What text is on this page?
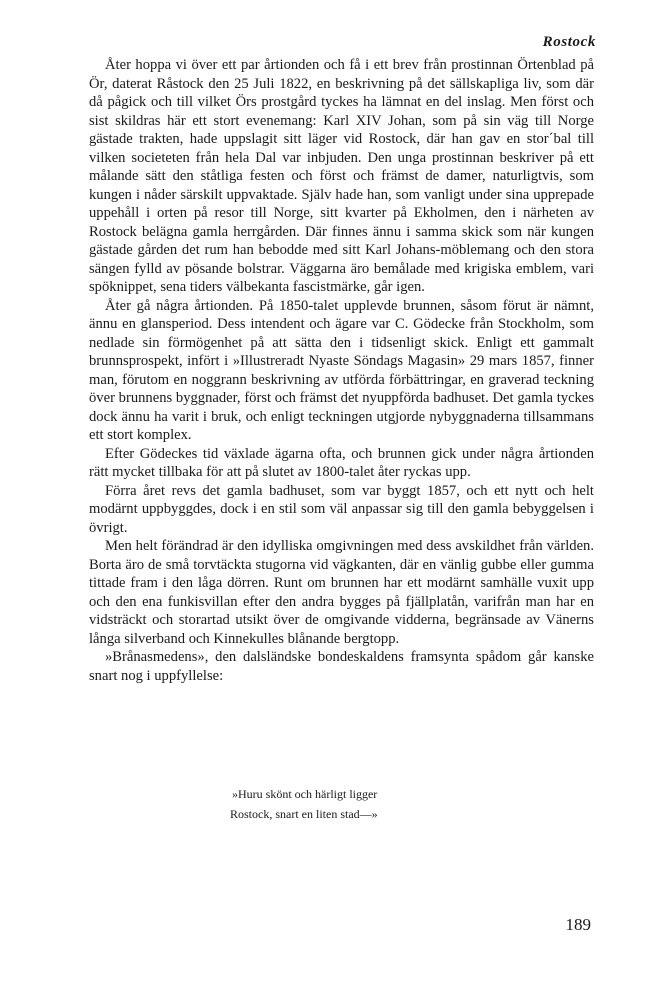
Rostock

Åter hoppa vi över ett par årtionden och få i ett brev från prostinnan Örtenblad på Ör, daterat Råstock den 25 Juli 1822, en beskrivning på det sällskapliga liv, som där då pågick och till vilket Örs prostgård tyckes ha lämnat en del inslag. Men först och sist skildras här ett stort evenemang: Karl XIV Johan, som på sin väg till Norge gästade trakten, hade uppslagit sitt läger vid Rostock, där han gav en stor´bal till vilken societeten från hela Dal var inbjuden. Den unga prostinnan beskriver på ett målande sätt den ståtliga festen och först och främst de damer, naturligtvis, som kungen i nåder särskilt uppvaktade. Själv hade han, som vanligt under sina upprepade uppehåll i orten på resor till Norge, sitt kvarter på Ekholmen, den i närheten av Rostock belägna gamla herrgården. Där finnes ännu i samma skick som när kungen gästade gården det rum han bebodde med sitt Karl Johans-möblemang och den stora sängen fylld av pösande bolstrar. Väggarna äro bemålade med krigiska emblem, vari spöknippet, sena tiders välbekanta fascistmärke, går igen.

Åter gå några årtionden. På 1850-talet upplevde brunnen, såsom förut är nämnt, ännu en glansperiod. Dess intendent och ägare var C. Gödecke från Stockholm, som nedlade sin förmögenhet på att sätta den i tidsenligt skick. Enligt ett gammalt brunnsprospekt, infört i »Illustreradt Nyaste Söndags Magasin» 29 mars 1857, finner man, förutom en noggrann beskrivning av utförda förbättringar, en graverad teckning över brunnens byggnader, först och främst det nyuppförda badhuset. Det gamla tyckes dock ännu ha varit i bruk, och enligt teckningen utgjorde nybyggnaderna tillsammans ett stort komplex.

Efter Gödeckes tid växlade ägarna ofta, och brunnen gick under några årtionden rätt mycket tillbaka för att på slutet av 1800-talet åter ryckas upp.

Förra året revs det gamla badhuset, som var byggt 1857, och ett nytt och helt modärnt uppbyggdes, dock i en stil som väl anpassar sig till den gamla bebyggelsen i övrigt.

Men helt förändrad är den idylliska omgivningen med dess avskildhet från världen. Borta äro de små torvtäckta stugorna vid vägkanten, där en vänlig gubbe eller gumma tittade fram i den låga dörren. Runt om brunnen har ett modärnt samhälle vuxit upp och den ena funkisvillan efter den andra bygges på fjällplatån, varifrån man har en vidsträckt och storartad utsikt över de omgivande vidderna, begränsade av Vänerns långa silverband och Kinnekulles blånande bergtopp.

»Brånasmedens», den dalsländske bondeskaldens framsynta spådom går kanske snart nog i uppfyllelse:

»Huru skönt och härligt ligger

Rostock, snart en liten stad—»

189
